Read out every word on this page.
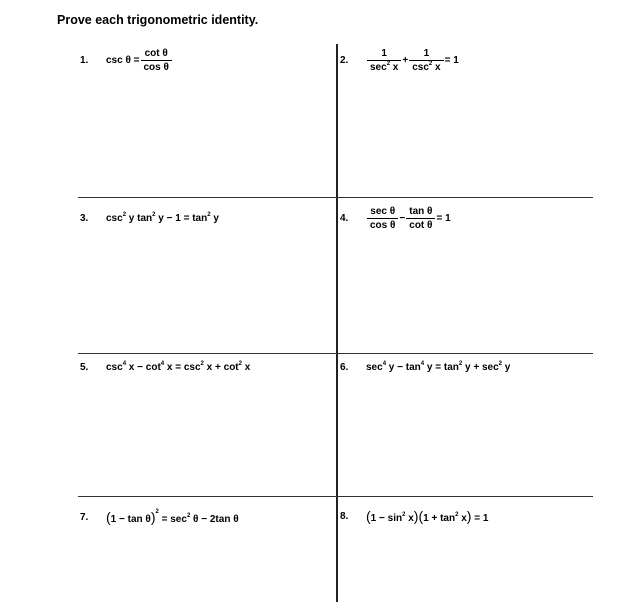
Prove each trigonometric identity.
1.	$\csc \theta = \frac{\text{cot θ}}{\text{cos θ}}$	2.	$\frac{1}{\sec^2 x} + \frac{1}{\csc^2 x} = 1$
3.	$\csc^2 y$ $\tan^2 y - 1 = \tan^2 y$	4.	$\frac{\text{sec θ}}{\text{cos θ}} - \frac{\text{tan θ}}{\text{cot θ}} = 1$
5.	$\csc^4 x - \cot^4 x = \csc^2 x + \cot^2 x$	6.	$\sec^4 y - \tan^4 y = \tan^2 y + \sec^2 y$
7.	$(1 - \tan \theta)^2 = \sec^2 \theta - 2\tan$ θ	8.	$(1 - \sin^2 x)(1 + \tan^2 x) = 1$
